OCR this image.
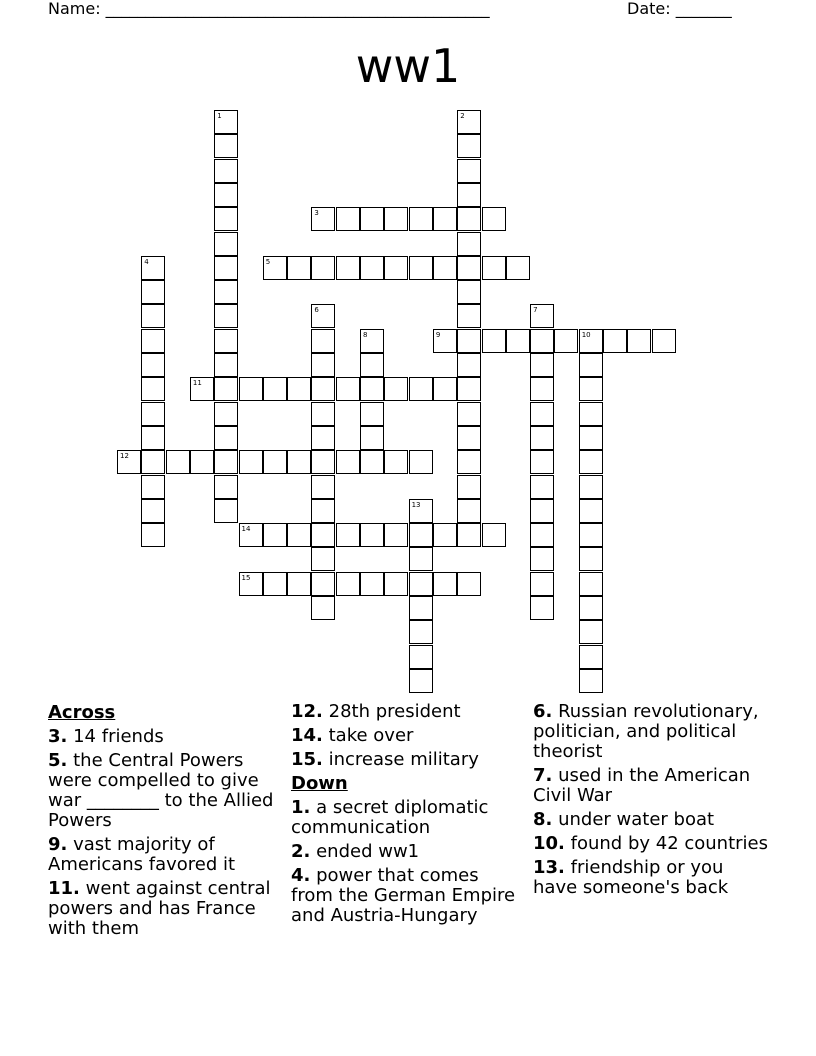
Name: ________________________________________________	Date: _______
ww1
1	2
3
4	5
6	7
8	9	10
11
12
13
14
15
Across
3. 14 friends
5. the Central Powers were compelled to give war ________ to the Allied Powers
9. vast majority of Americans favored it
11. went against central powers and has France with them
12. 28th president
14. take over
15. increase military
Down
1. a secret diplomatic communication
2. ended ww1
4. power that comes from the German Empire and Austria-Hungary
6. Russian revolutionary, politician, and political theorist
7. used in the American Civil War
8. under water boat
10. found by 42 countries
13. friendship or you have someone's back
